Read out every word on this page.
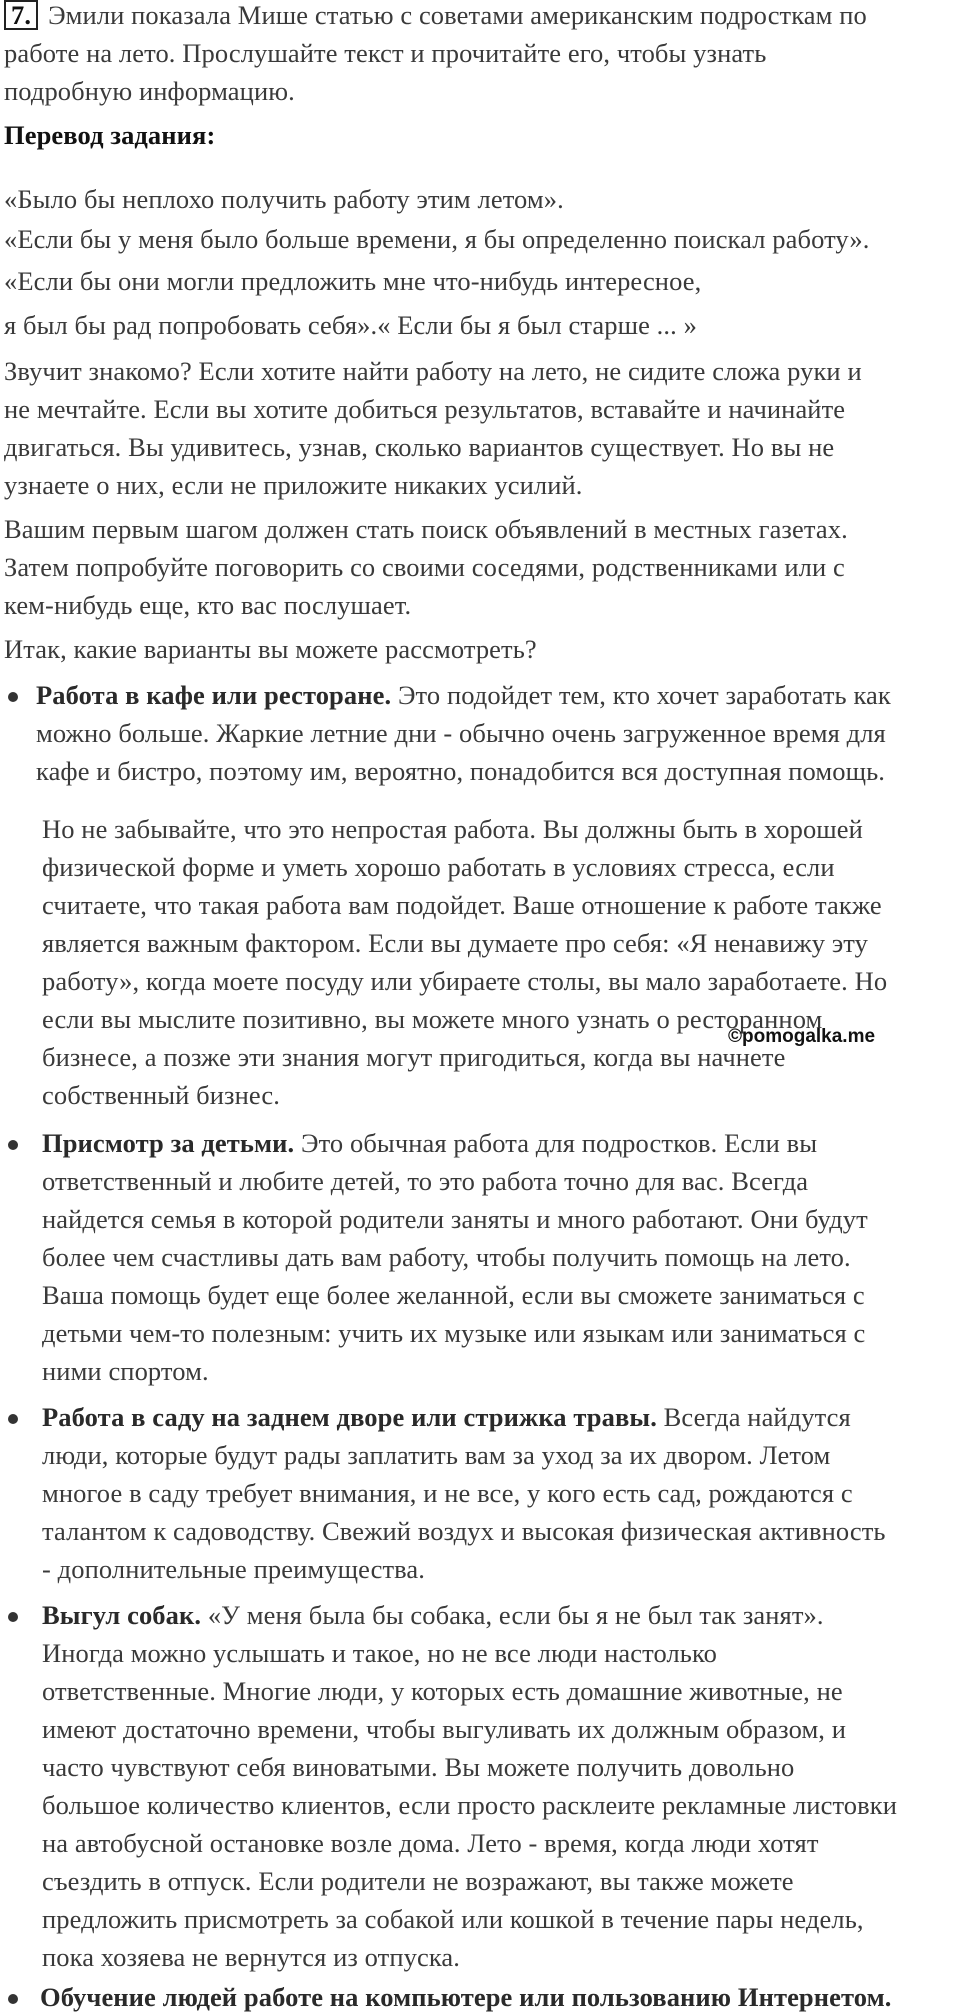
7. Эмили показала Мише статью с советами американским подросткам по
работе на лето. Прослушайте текст и прочитайте его, чтобы узнать
подробную информацию.
Перевод задания:
«Было бы неплохо получить работу этим летом».
«Если бы у меня было больше времени, я бы определенно поискал работу».
«Если бы они могли предложить мне что-нибудь интересное,
я был бы рад попробовать себя».« Если бы я был старше ... »
Звучит знакомо? Если хотите найти работу на лето, не сидите сложа руки и
не мечтайте. Если вы хотите добиться результатов, вставайте и начинайте
двигаться. Вы удивитесь, узнав, сколько вариантов существует. Но вы не
узнаете о них, если не приложите никаких усилий.
Вашим первым шагом должен стать поиск объявлений в местных газетах.
Затем попробуйте поговорить со своими соседями, родственниками или с
кем-нибудь еще, кто вас послушает.
Итак, какие варианты вы можете рассмотреть?
Работа в кафе или ресторане. Это подойдет тем, кто хочет заработать как
можно больше. Жаркие летние дни - обычно очень загруженное время для
кафе и бистро, поэтому им, вероятно, понадобится вся доступная помощь.
Но не забывайте, что это непростая работа. Вы должны быть в хорошей
физической форме и уметь хорошо работать в условиях стресса, если
считаете, что такая работа вам подойдет. Ваше отношение к работе также
является важным фактором. Если вы думаете про себя: «Я ненавижу эту
работу», когда моете посуду или убираете столы, вы мало заработаете. Но
если вы мыслите позитивно, вы можете много узнать о ресторанном
бизнесе, а позже эти знания могут пригодиться, когда вы начнете
собственный бизнес.
©pomogalka.me
Присмотр за детьми. Это обычная работа для подростков. Если вы
ответственный и любите детей, то это работа точно для вас. Всегда
найдется семья в которой родители заняты и много работают. Они будут
более чем счастливы дать вам работу, чтобы получить помощь на лето.
Ваша помощь будет еще более желанной, если вы сможете заниматься с
детьми чем-то полезным: учить их музыке или языкам или заниматься с
ними спортом.
Работа в саду на заднем дворе или стрижка травы. Всегда найдутся
люди, которые будут рады заплатить вам за уход за их двором. Летом
многое в саду требует внимания, и не все, у кого есть сад, рождаются с
талантом к садоводству. Свежий воздух и высокая физическая активность
- дополнительные преимущества.
Выгул собак. «У меня была бы собака, если бы я не был так занят».
Иногда можно услышать и такое, но не все люди настолько
ответственные. Многие люди, у которых есть домашние животные, не
имеют достаточно времени, чтобы выгуливать их должным образом, и
часто чувствуют себя виноватыми. Вы можете получить довольно
большое количество клиентов, если просто расклеите рекламные листовки
на автобусной остановке возле дома. Лето - время, когда люди хотят
съездить в отпуск. Если родители не возражают, вы также можете
предложить присмотреть за собакой или кошкой в течение пары недель,
пока хозяева не вернутся из отпуска.
Обучение людей работе на компьютере или пользованию Интернетом.
